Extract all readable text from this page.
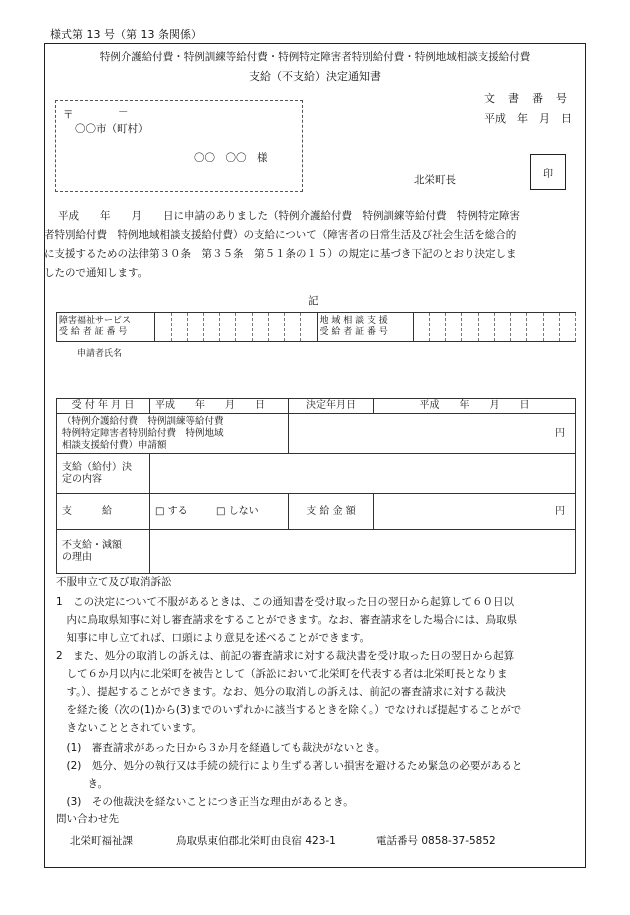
様式第 13 号（第 13 条関係）
特例介護給付費・特例訓練等給付費・特例特定障害者特別給付費・特例地域相談支援給付費
支給（不支給）決定通知書
文　書　番　号
平成　年　月　日
〒	－
〇〇市（町村）
〇〇　〇〇　様
北栄町長	印
平成　　年　　月　　日に申請のありました（特例介護給付費　特例訓練等給付費　特例特定障害
者特別給付費　特例地域相談支援給付費）の支給について（障害者の日常生活及び社会生活を総合的
に支援するための法律第３０条　第３５条　第５１条の１５）の規定に基づき下記のとおり決定しま
したので通知します。
記
障害福祉サービス
受 給 者 証 番 号

地 域 相 談 支 援
受 給 者 証 番 号

申請者氏名
受 付 年 月 日	平成　　年　　月　　日	決定年月日	平成　　年　　月　　日
（特例介護給付費　特例訓練等給付費
特例特定障害者特別給付費　特例地域
相談支援給付費）申請額		円	
支給（給付）決
定の内容			
支　　　給	□ する □ しない	支 給 金 額	円
不支給・減額
の理由			
不服申立て及び取消訴訟
1　この決定について不服があるときは、この通知書を受け取った日の翌日から起算して６０日以
　内に鳥取県知事に対し審査請求をすることができます。なお、審査請求をした場合には、鳥取県
　知事に申し立てれば、口頭により意見を述べることができます。
2　また、処分の取消しの訴えは、前記の審査請求に対する裁決書を受け取った日の翌日から起算
　して６か月以内に北栄町を被告として（訴訟において北栄町を代表する者は北栄町長となりま
　す。）、提起することができます。なお、処分の取消しの訴えは、前記の審査請求に対する裁決
　を経た後（次の(1)から(3)までのいずれかに該当するときを除く。）でなければ提起することがで
　きないこととされています。
　(1)　審査請求があった日から３か月を経過しても裁決がないとき。
　(2)　処分、処分の執行又は手続の続行により生ずる著しい損害を避けるため緊急の必要があると
　　　き。
　(3)　その他裁決を経ないことにつき正当な理由があるとき。
問い合わせ先
北栄町福祉課	鳥取県東伯郡北栄町由良宿 423-1	電話番号 0858-37-5852
